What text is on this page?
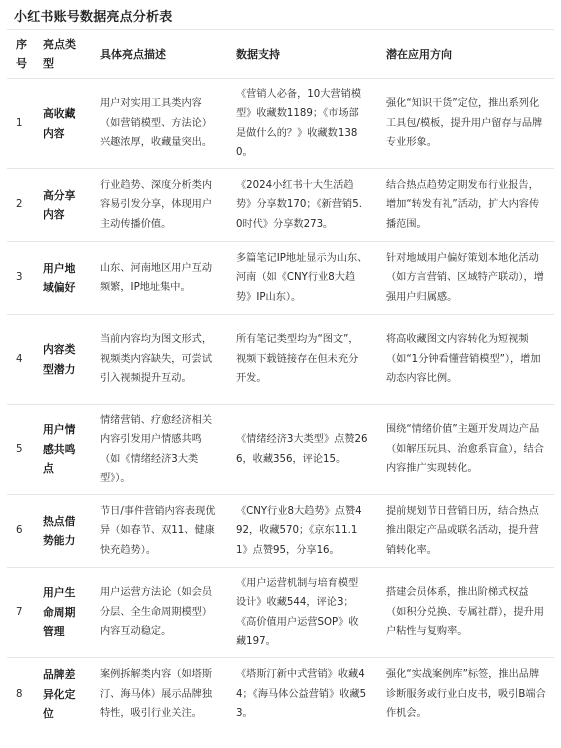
小红书账号数据亮点分析表
序号	亮点类型	具体亮点描述	数据支持	潜在应用方向

1	高收藏内容	用户对实用工具类内容（如营销模型、方法论）兴趣浓厚，收藏量突出。	《营销人必备，10大营销模型》收藏数1189；《市场部是做什么的？》收藏数1380。	强化“知识干货”定位，推出系列化工具包/模板，提升用户留存与品牌专业形象。

2	高分享内容	行业趋势、深度分析类内容易引发分享，体现用户主动传播价值。	《2024小红书十大生活趋势》分享数170；《新营销5.0时代》分享数273。	结合热点趋势定期发布行业报告，增加“转发有礼”活动，扩大内容传播范围。

3	用户地域偏好	山东、河南地区用户互动频繁，IP地址集中。	多篇笔记IP地址显示为山东、河南（如《CNY行业8大趋势》IP山东）。	针对地域用户偏好策划本地化活动（如方言营销、区域特产联动），增强用户归属感。

4	内容类型潜力	当前内容均为图文形式，视频类内容缺失，可尝试引入视频提升互动。	所有笔记类型均为“图文”，视频下载链接存在但未充分开发。	将高收藏图文内容转化为短视频（如“1分钟看懂营销模型”），增加动态内容比例。

5	用户情感共鸣点	情绪营销、疗愈经济相关内容引发用户情感共鸣（如《情绪经济3大类型》）。	《情绪经济3大类型》点赞266，收藏356，评论15。	围绕“情绪价值”主题开发周边产品（如解压玩具、治愈系盲盒），结合内容推广实现转化。

6	热点借势能力	节日/事件营销内容表现优异（如春节、双11、健康快充趋势）。	《CNY行业8大趋势》点赞492，收藏570；《京东11.11》点赞95，分享16。	提前规划节日营销日历，结合热点推出限定产品或联名活动，提升营销转化率。

7	用户生命周期管理	用户运营方法论（如会员分层、全生命周期模型）内容互动稳定。	《用户运营机制与培育模型设计》收藏544，评论3；《高价值用户运营SOP》收藏197。	搭建会员体系，推出阶梯式权益（如积分兑换、专属社群），提升用户粘性与复购率。

8	品牌差异化定位	案例拆解类内容（如塔斯汀、海马体）展示品牌独特性，吸引行业关注。	《塔斯汀新中式营销》收藏44；《海马体公益营销》收藏53。	强化“实战案例库”标签，推出品牌诊断服务或行业白皮书，吸引B端合作机会。
